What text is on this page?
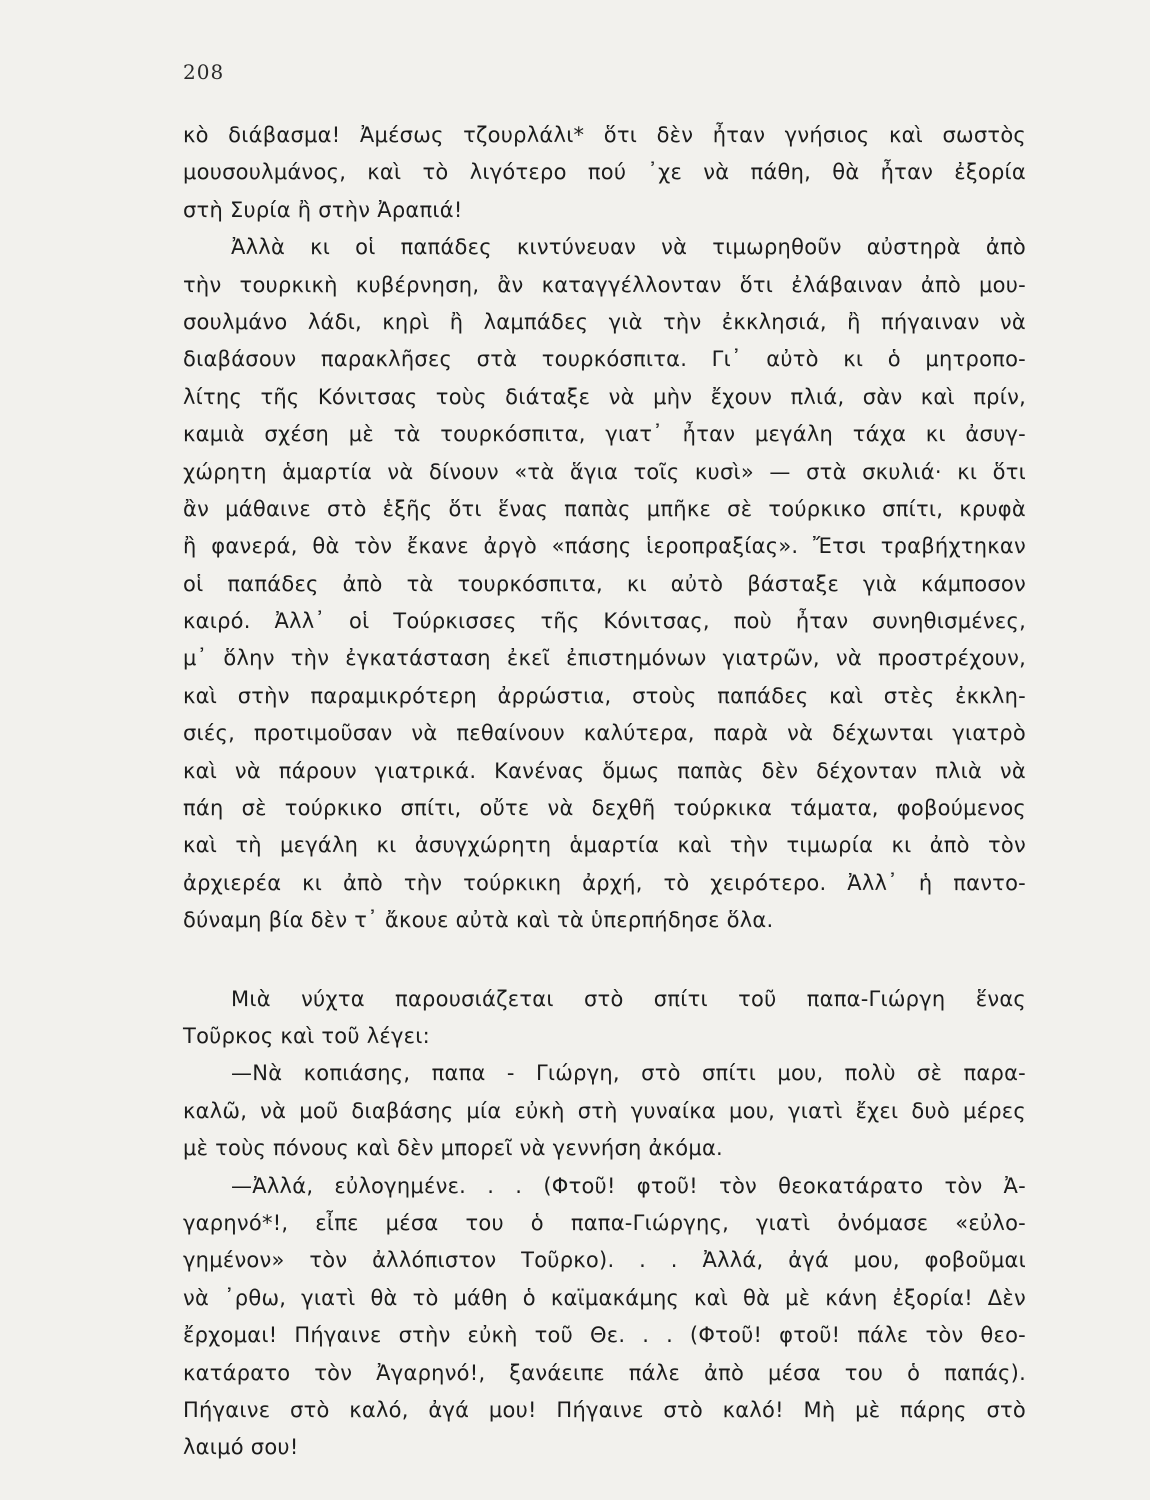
208
κὸ διάβασμα! Ἀμέσως τζουρλάλι* ὅτι δὲν ἦταν γνήσιος καὶ σωστὸς
μουσουλμάνος, καὶ τὸ λιγότερο πού ᾿χε νὰ πάθη, θὰ ἦταν ἐξορία
στὴ Συρία ἢ στὴν Ἀραπιά!
Ἀλλὰ κι οἱ παπάδες κιντύνευαν νὰ τιμωρηθοῦν αὐστηρὰ ἀπὸ
τὴν τουρκικὴ κυβέρνηση, ἂν καταγγέλλονταν ὅτι ἐλάβαιναν ἀπὸ μου-
σουλμάνο λάδι, κηρὶ ἢ λαμπάδες γιὰ τὴν ἐκκλησιά, ἢ πήγαιναν νὰ
διαβάσουν παρακλῆσες στὰ τουρκόσπιτα. Γι᾿ αὐτὸ κι ὁ μητροπο-
λίτης τῆς Κόνιτσας τοὺς διάταξε νὰ μὴν ἔχουν πλιά, σὰν καὶ πρίν,
καμιὰ σχέση μὲ τὰ τουρκόσπιτα, γιατ᾿ ἦταν μεγάλη τάχα κι ἀσυγ-
χώρητη ἁμαρτία νὰ δίνουν «τὰ ἅγια τοῖς κυσὶ» — στὰ σκυλιά· κι ὅτι
ἂν μάθαινε στὸ ἑξῆς ὅτι ἕνας παπὰς μπῆκε σὲ τούρκικο σπίτι, κρυφὰ
ἢ φανερά, θὰ τὸν ἔκανε ἀργὸ «πάσης ἱεροπραξίας». Ἔτσι τραβήχτηκαν
οἱ παπάδες ἀπὸ τὰ τουρκόσπιτα, κι αὐτὸ βάσταξε γιὰ κάμποσον
καιρό. Ἀλλ᾿ οἱ Τούρκισσες τῆς Κόνιτσας, ποὺ ἦταν συνηθισμένες,
μ᾿ ὅλην τὴν ἐγκατάσταση ἐκεῖ ἐπιστημόνων γιατρῶν, νὰ προστρέχουν,
καὶ στὴν παραμικρότερη ἀρρώστια, στοὺς παπάδες καὶ στὲς ἐκκλη-
σιές, προτιμοῦσαν νὰ πεθαίνουν καλύτερα, παρὰ νὰ δέχωνται γιατρὸ
καὶ νὰ πάρουν γιατρικά. Κανένας ὅμως παπὰς δὲν δέχονταν πλιὰ νὰ
πάη σὲ τούρκικο σπίτι, οὔτε νὰ δεχθῆ τούρκικα τάματα, φοβούμενος
καὶ τὴ μεγάλη κι ἀσυγχώρητη ἁμαρτία καὶ τὴν τιμωρία κι ἀπὸ τὸν
ἀρχιερέα κι ἀπὸ τὴν τούρκικη ἀρχή, τὸ χειρότερο. Ἀλλ᾿ ἡ παντο-
δύναμη βία δὲν τ᾿ ἄκουε αὐτὰ καὶ τὰ ὑπερπήδησε ὅλα.
Μιὰ νύχτα παρουσιάζεται στὸ σπίτι τοῦ παπα-Γιώργη ἕνας
Τοῦρκος καὶ τοῦ λέγει:
—Νὰ κοπιάσης, παπα - Γιώργη, στὸ σπίτι μου, πολὺ σὲ παρα-
καλῶ, νὰ μοῦ διαβάσης μία εὐκὴ στὴ γυναίκα μου, γιατὶ ἔχει δυὸ μέρες
μὲ τοὺς πόνους καὶ δὲν μπορεῖ νὰ γεννήση ἀκόμα.
—Ἀλλά, εὐλογημένε. . . (Φτοῦ! φτοῦ! τὸν θεοκατάρατο τὸν Ἀ-
γαρηνό*!, εἶπε μέσα του ὁ παπα-Γιώργης, γιατὶ ὀνόμασε «εὐλο-
γημένον» τὸν ἀλλόπιστον Τοῦρκο). . . Ἀλλά, ἀγά μου, φοβοῦμαι
νὰ ᾿ρθω, γιατὶ θὰ τὸ μάθη ὁ καϊμακάμης καὶ θὰ μὲ κάνη ἐξορία! Δὲν
ἔρχομαι! Πήγαινε στὴν εὐκὴ τοῦ Θε. . . (Φτοῦ! φτοῦ! πάλε τὸν θεο-
κατάρατο τὸν Ἀγαρηνό!, ξανάειπε πάλε ἀπὸ μέσα του ὁ παπάς).
Πήγαινε στὸ καλό, ἀγά μου! Πήγαινε στὸ καλό! Μὴ μὲ πάρης στὸ
λαιμό σου!
